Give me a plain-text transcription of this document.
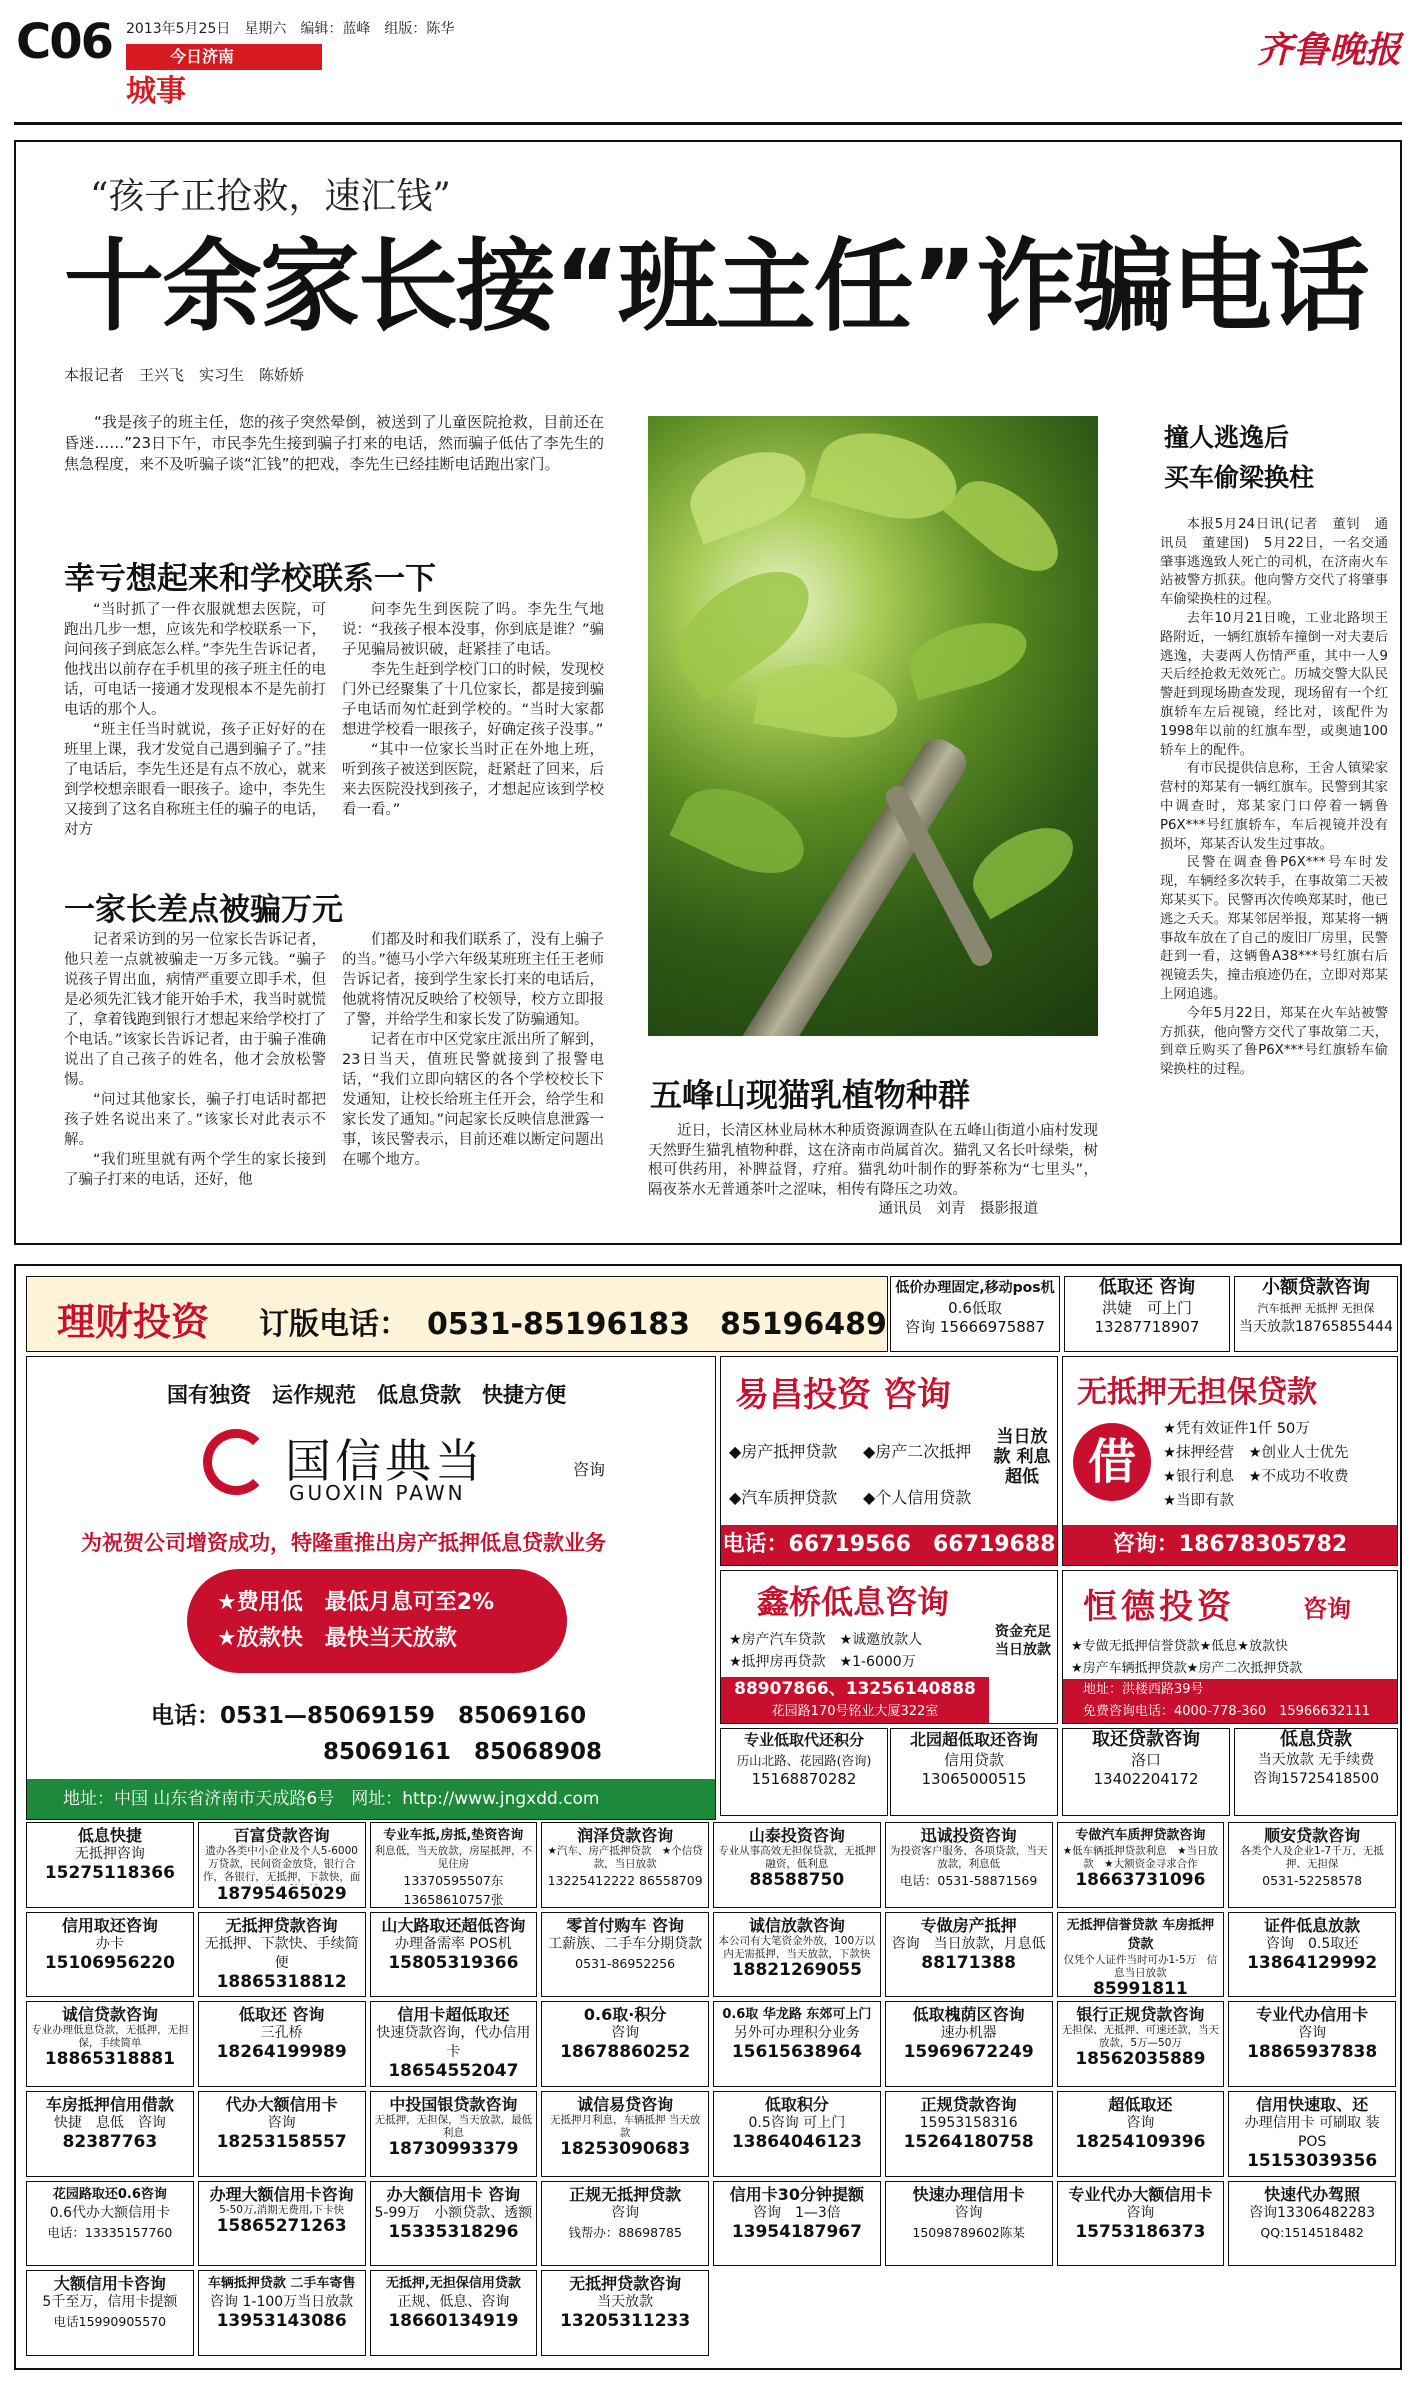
C06 2013年5月25日　星期六　编辑：蓝峰　组版：陈华
今日济南
城事
齐鲁晚报
“孩子正抢救，速汇钱”
十余家长接“班主任”诈骗电话
本报记者　王兴飞　实习生　陈娇娇

“我是孩子的班主任，您的孩子突然晕倒，被送到了儿童医院抢救，目前还在昏迷……”23日下午，市民李先生接到骗子打来的电话，然而骗子低估了李先生的焦急程度，来不及听骗子谈“汇钱”的把戏，李先生已经挂断电话跑出家门。

幸亏想起来和学校联系一下

“当时抓了一件衣服就想去医院，可跑出几步一想，应该先和学校联系一下，问问孩子到底怎么样。”李先生告诉记者，他找出以前存在手机里的孩子班主任的电话，可电话一接通才发现根本不是先前打电话的那个人。

“班主任当时就说，孩子正好好的在班里上课，我才发觉自己遇到骗子了。”挂了电话后，李先生还是有点不放心，就来到学校想亲眼看一眼孩子。途中，李先生又接到了这名自称班主任的骗子的电话，对方

问李先生到医院了吗。李先生气地说：“我孩子根本没事，你到底是谁？”骗子见骗局被识破，赶紧挂了电话。

李先生赶到学校门口的时候，发现校门外已经聚集了十几位家长，都是接到骗子电话而匆忙赶到学校的。“当时大家都想进学校看一眼孩子，好确定孩子没事。”

“其中一位家长当时正在外地上班，听到孩子被送到医院，赶紧赶了回来，后来去医院没找到孩子，才想起应该到学校看一看。”

一家长差点被骗万元

记者采访到的另一位家长告诉记者，他只差一点就被骗走一万多元钱。“骗子说孩子胃出血，病情严重要立即手术，但是必须先汇钱才能开始手术，我当时就慌了，拿着钱跑到银行才想起来给学校打了个电话。”该家长告诉记者，由于骗子准确说出了自己孩子的姓名，他才会放松警惕。

“问过其他家长，骗子打电话时都把孩子姓名说出来了。”该家长对此表示不解。

“我们班里就有两个学生的家长接到了骗子打来的电话，还好，他

们都及时和我们联系了，没有上骗子的当。”德马小学六年级某班班主任王老师告诉记者，接到学生家长打来的电话后，他就将情况反映给了校领导，校方立即报了警，并给学生和家长发了防骗通知。

记者在市中区党家庄派出所了解到，23日当天，值班民警就接到了报警电话，“我们立即向辖区的各个学校校长下发通知，让校长给班主任开会，给学生和家长发了通知。”问起家长反映信息泄露一事，该民警表示，目前还难以断定问题出在哪个地方。

五峰山现猫乳植物种群

近日，长清区林业局林木种质资源调查队在五峰山街道小庙村发现天然野生猫乳植物种群，这在济南市尚属首次。猫乳又名长叶绿柴，树根可供药用，补脾益肾，疗疳。猫乳幼叶制作的野茶称为“七里头”，隔夜茶水无普通茶叶之涩味，相传有降压之功效。

通讯员　刘青　摄影报道

撞人逃逸后
买车偷梁换柱

本报5月24日讯(记者　董钊　通讯员　董建国)　5月22日，一名交通肇事逃逸致人死亡的司机，在济南火车站被警方抓获。他向警方交代了将肇事车偷梁换柱的过程。

去年10月21日晚，工业北路坝王路附近，一辆红旗轿车撞倒一对夫妻后逃逸，夫妻两人伤情严重，其中一人9天后经抢救无效死亡。历城交警大队民警赶到现场勘查发现，现场留有一个红旗轿车左后视镜，经比对，该配件为1998年以前的红旗车型，或奥迪100轿车上的配件。

有市民提供信息称，王舍人镇梁家营村的郑某有一辆红旗车。民警到其家中调查时，郑某家门口停着一辆鲁P6X***号红旗轿车，车后视镜并没有损坏，郑某否认发生过事故。

民警在调查鲁P6X***号车时发现，车辆经多次转手，在事故第二天被郑某买下。民警再次传唤郑某时，他已逃之夭夭。郑某邻居举报，郑某将一辆事故车放在了自己的废旧厂房里，民警赶到一看，这辆鲁A38***号红旗右后视镜丢失，撞击痕迹仍在，立即对郑某上网追逃。

今年5月22日，郑某在火车站被警方抓获，他向警方交代了事故第二天，到章丘购买了鲁P6X***号红旗轿车偷梁换柱的过程。

理财投资 订版电话： 0531-85196183　85196489
国有独资　运作规范　低息贷款　快捷方便
国信典当
GUOXIN PAWN
咨询
为祝贺公司增资成功，特隆重推出房产抵押低息贷款业务
★费用低　最低月息可至2%
★放款快　最快当天放款
电话：0531—85069159　85069160
85069161　85068908
地址：中国 山东省济南市天成路6号　网址：http://www.jngxdd.com
低价办理固定,移动pos机
0.6低取
咨询 15666975887
低取还 咨询
洪婕　可上门
13287718907
小额贷款咨询
汽车抵押 无抵押 无担保
当天放款18765855444
易昌投资 咨询
◆房产抵押贷款 ◆房产二次抵押
◆汽车质押贷款 ◆个人信用贷款
当日放款 利息超低
电话：66719566　66719688
无抵押无担保贷款
借
★凭有效证件1仟 50万
★抹押经营　★创业人士优先
★银行利息　★不成功不收费
★当即有款
咨询：18678305782
鑫桥低息咨询
★房产汽车贷款　★诚邀放款人
★抵押房再贷款　★1-6000万
资金充足 当日放款
88907866、13256140888
花园路170号铭业大厦322室
恒德投资	咨询
★专做无抵押信誉贷款★低息★放款快
★房产车辆抵押贷款★房产二次抵押贷款
地址：洪楼西路39号
免费咨询电话：4000-778-360　15966632111
专业低取代还积分
历山北路、花园路(咨询)
15168870282
北园超低取还咨询
信用贷款
13065000515
取还贷款咨询
洛口
13402204172
低息贷款
当天放款 无手续费
咨询15725418500
低息快捷
无抵押咨询
15275118366
百富贷款咨询
遗办各类中小企业及个人5-6000万贷款，民间资金放贷，银行合作，各银行，无抵押，下款快，面
18795465029
专业车抵,房抵,垫资咨询
利息低，当天放款，房屋抵押，不见住房
13370595507东 13658610757张
润泽贷款咨询
★汽车、房产抵押贷款　★个信贷款，当日放款
13225412222 86558709
山泰投资咨询
专业从事高效无担保贷款，无抵押融资，低利息
88588750
迅诚投资咨询
为投资客户服务，各项贷款，当天放款，利息低
电话：0531-58871569
专做汽车质押贷款咨询
★低车辆抵押贷款利息　★当日放款　★大额资金寻求合作
18663731096
顺安贷款咨询
各类个人及企业1-7千万，无抵押、无担保
0531-52258578
信用取还咨询
办卡
15106956220
无抵押贷款咨询
无抵押、下款快、手续简便
18865318812
山大路取还超低咨询
办理备需率 POS机
15805319366
零首付购车 咨询
工薪族、二手车分期贷款
0531-86952256
诚信放款咨询
本公司有大笔资金外放，100万以内无需抵押，当天放款，下款快
18821269055
专做房产抵押
咨询　当日放款，月息低
88171388
无抵押信誉贷款 车房抵押贷款
仅凭个人证件当时可办1-5万　信息当日放款
85991811
证件低息放款
咨询　0.5取还
13864129992
诚信贷款咨询
专业办理低息贷款，无抵押，无担保，手续简单
18865318881
低取还 咨询
三孔桥
18264199989
信用卡超低取还
快速贷款咨询，代办信用卡
18654552047
0.6取·积分
咨询
18678860252
0.6取 华龙路 东郊可上门
另外可办理积分业务
15615638964
低取槐荫区咨询
速办机器
15969672249
银行正规贷款咨询
无担保、无抵押、可速还款，当天放款，5万—50万
18562035889
专业代办信用卡
咨询
18865937838
车房抵押信用借款
快捷　息低　咨询
82387763
代办大额信用卡
咨询
18253158557
中投国银贷款咨询
无抵押，无担保，当天放款，最低利息
18730993379
诚信易贷咨询
无抵押月利息，车辆抵押 当天放款
18253090683
低取积分
0.5咨询 可上门
13864046123
正规贷款咨询
15953158316
15264180758
超低取还
咨询
18254109396
信用快速取、还
办理信用卡 可刷取 装POS
15153039356
花园路取还0.6咨询
0.6代办大额信用卡
电话：13335157760
办理大额信用卡咨询
5-50万,消期无费用,下卡快
15865271263
办大额信用卡 咨询
5-99万　小额贷款、透额
15335318296
正规无抵押贷款
咨询
钱帮办：88698785
信用卡30分钟提额
咨询　1—3倍
13954187967
快速办理信用卡
咨询
15098789602陈某
专业代办大额信用卡
咨询
15753186373
快速代办驾照
咨询13306482283
QQ:1514518482
大额信用卡咨询
5千至万，信用卡提额
电话15990905570
车辆抵押贷款 二手车寄售
咨询 1-100万当日放款
13953143086
无抵押,无担保信用贷款
正规、低息、咨询
18660134919
无抵押贷款咨询
当天放款
13205311233
